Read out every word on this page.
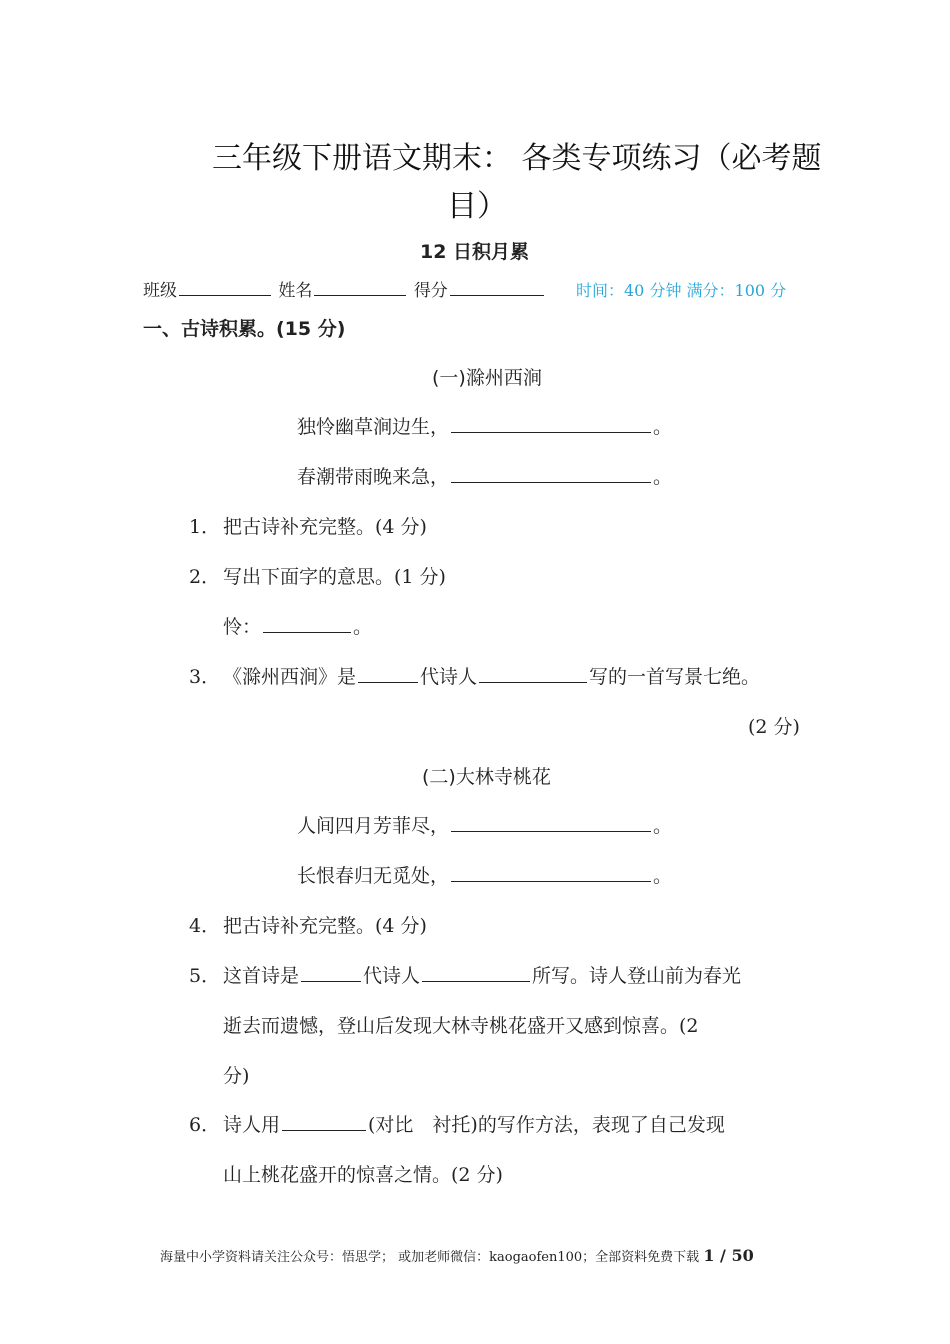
三年级下册语文期末： 各类专项练习（必考题
目）
12 日积月累
班级	姓名	得分	时间：40 分钟 满分：100 分
一、古诗积累。(15 分)
(一)滁州西涧
独怜幽草涧边生，	。
春潮带雨晚来急，	。
1． 把古诗补充完整。(4 分)
2． 写出下面字的意思。(1 分)
怜：	。
3． 《滁州西涧》是	代诗人	写的一首写景七绝。
(2 分)
(二)大林寺桃花
人间四月芳菲尽，	。
长恨春归无觅处，	。
4． 把古诗补充完整。(4 分)
5． 这首诗是	代诗人	所写。诗人登山前为春光
逝去而遗憾，登山后发现大林寺桃花盛开又感到惊喜。(2
分)
6． 诗人用	(对比　衬托)的写作方法，表现了自己发现
山上桃花盛开的惊喜之情。(2 分)
海量中小学资料请关注公众号：悟思学； 或加老师微信：kaogaofen100；全部资料免费下载 1 / 50
